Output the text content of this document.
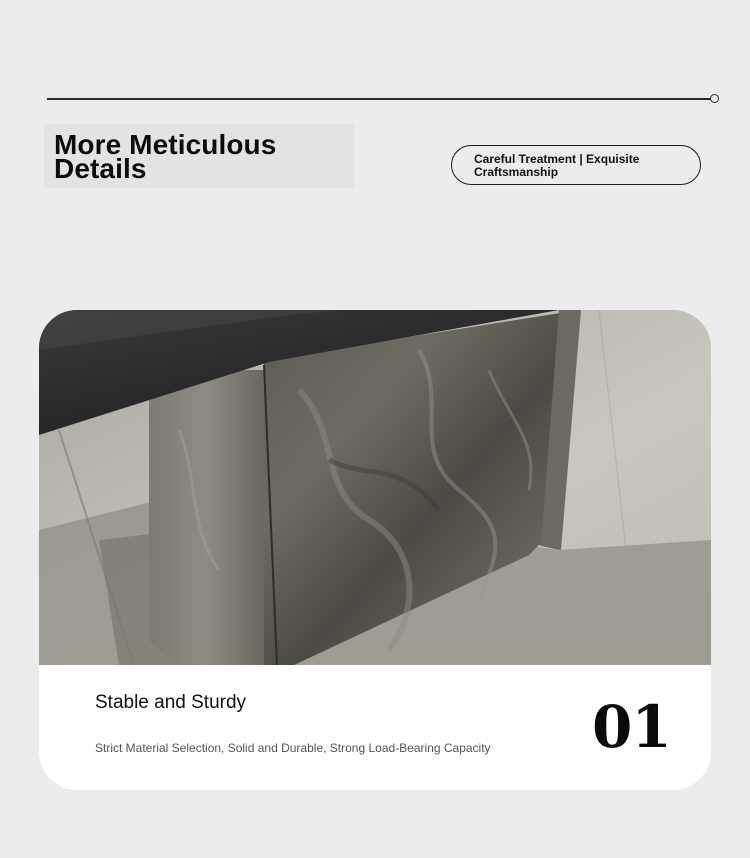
More Meticulous Details	Careful Treatment | Exquisite Craftsmanship
Stable and Sturdy
Strict Material Selection, Solid and Durable, Strong Load-Bearing Capacity 01
